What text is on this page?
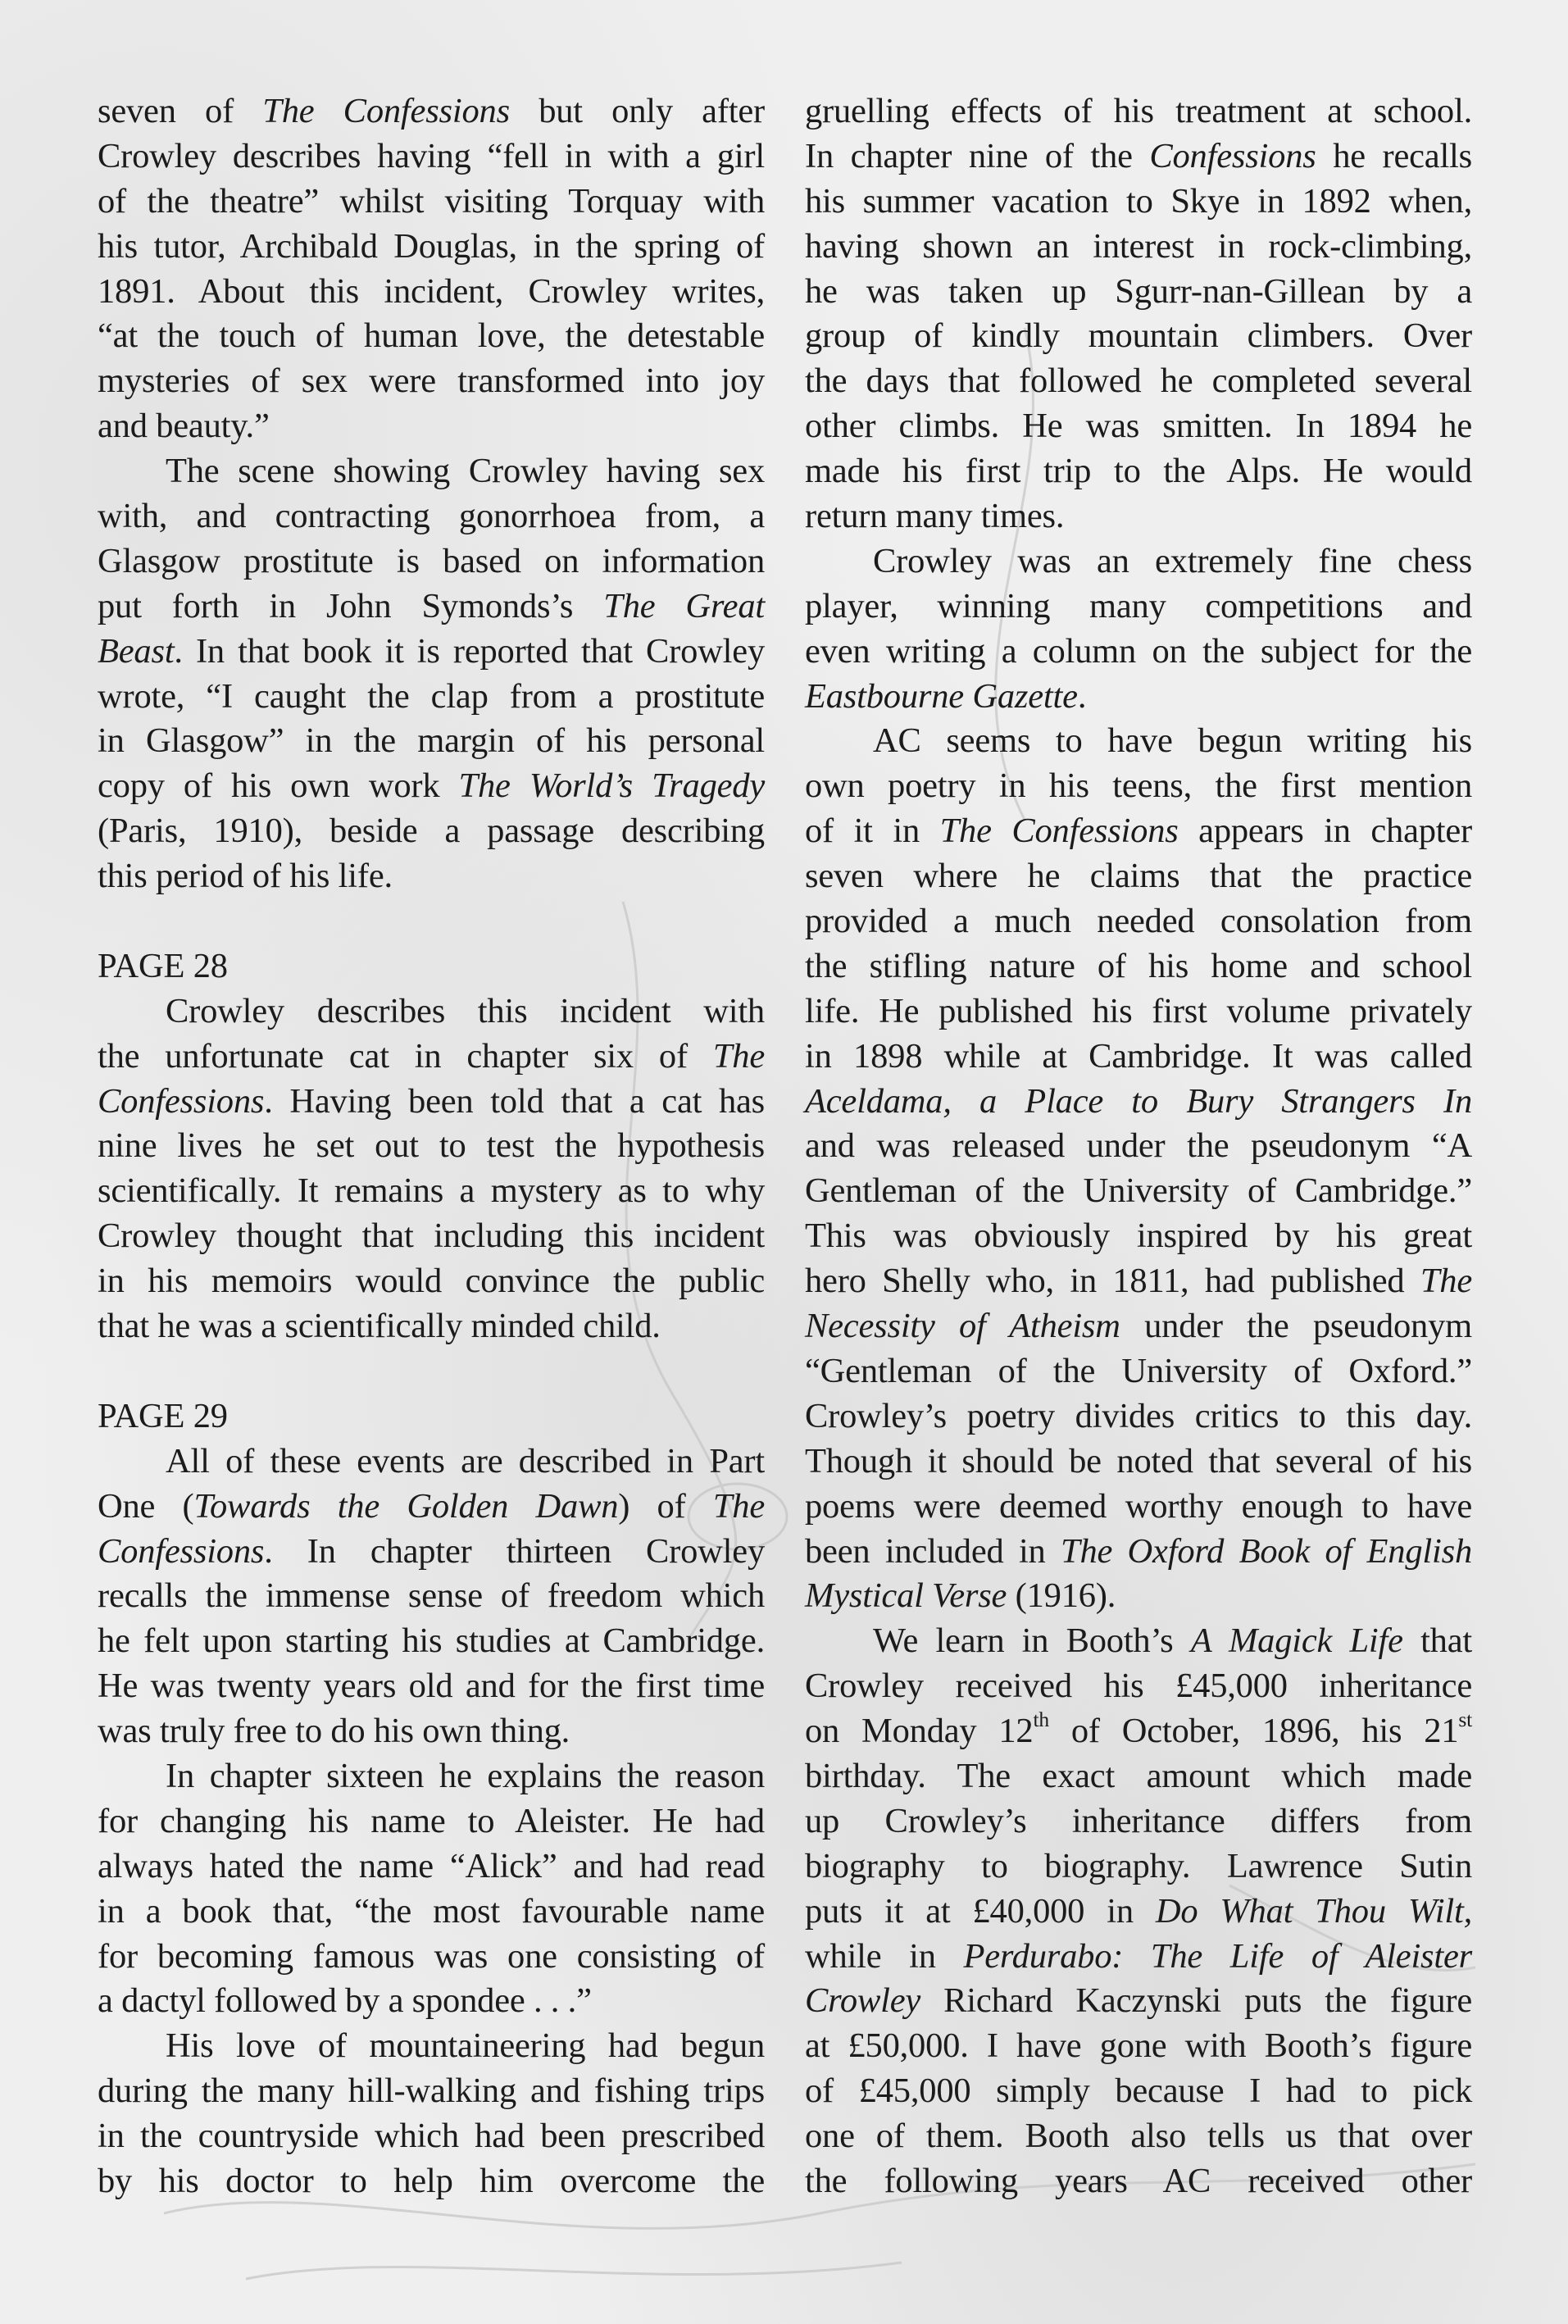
seven of The Confessions but only after
Crowley describes having “fell in with a girl
of the theatre” whilst visiting Torquay with
his tutor, Archibald Douglas, in the spring of
1891. About this incident, Crowley writes,
“at the touch of human love, the detestable
mysteries of sex were transformed into joy
and beauty.”
The scene showing Crowley having sex
with, and contracting gonorrhoea from, a
Glasgow prostitute is based on information
put forth in John Symonds’s The Great
Beast. In that book it is reported that Crowley
wrote, “I caught the clap from a prostitute
in Glasgow” in the margin of his personal
copy of his own work The World’s Tragedy
(Paris, 1910), beside a passage describing
this period of his life.

PAGE 28
Crowley describes this incident with
the unfortunate cat in chapter six of The
Confessions. Having been told that a cat has
nine lives he set out to test the hypothesis
scientifically. It remains a mystery as to why
Crowley thought that including this incident
in his memoirs would convince the public
that he was a scientifically minded child.

PAGE 29
All of these events are described in Part
One (Towards the Golden Dawn) of The
Confessions. In chapter thirteen Crowley
recalls the immense sense of freedom which
he felt upon starting his studies at Cambridge.
He was twenty years old and for the first time
was truly free to do his own thing.
In chapter sixteen he explains the reason
for changing his name to Aleister. He had
always hated the name “Alick” and had read
in a book that, “the most favourable name
for becoming famous was one consisting of
a dactyl followed by a spondee . . .”
His love of mountaineering had begun
during the many hill-walking and fishing trips
in the countryside which had been prescribed
by his doctor to help him overcome the
gruelling effects of his treatment at school.
In chapter nine of the Confessions he recalls
his summer vacation to Skye in 1892 when,
having shown an interest in rock-climbing,
he was taken up Sgurr-nan-Gillean by a
group of kindly mountain climbers. Over
the days that followed he completed several
other climbs. He was smitten. In 1894 he
made his first trip to the Alps. He would
return many times.
Crowley was an extremely fine chess
player, winning many competitions and
even writing a column on the subject for the
Eastbourne Gazette.
AC seems to have begun writing his
own poetry in his teens, the first mention
of it in The Confessions appears in chapter
seven where he claims that the practice
provided a much needed consolation from
the stifling nature of his home and school
life. He published his first volume privately
in 1898 while at Cambridge. It was called
Aceldama, a Place to Bury Strangers In
and was released under the pseudonym “A
Gentleman of the University of Cambridge.”
This was obviously inspired by his great
hero Shelly who, in 1811, had published The
Necessity of Atheism under the pseudonym
“Gentleman of the University of Oxford.”
Crowley’s poetry divides critics to this day.
Though it should be noted that several of his
poems were deemed worthy enough to have
been included in The Oxford Book of English
Mystical Verse (1916).
We learn in Booth’s A Magick Life that
Crowley received his £45,000 inheritance
on Monday 12th of October, 1896, his 21st
birthday. The exact amount which made
up Crowley’s inheritance differs from
biography to biography. Lawrence Sutin
puts it at £40,000 in Do What Thou Wilt,
while in Perdurabo: The Life of Aleister
Crowley Richard Kaczynski puts the figure
at £50,000. I have gone with Booth’s figure
of £45,000 simply because I had to pick
one of them. Booth also tells us that over
the following years AC received other
